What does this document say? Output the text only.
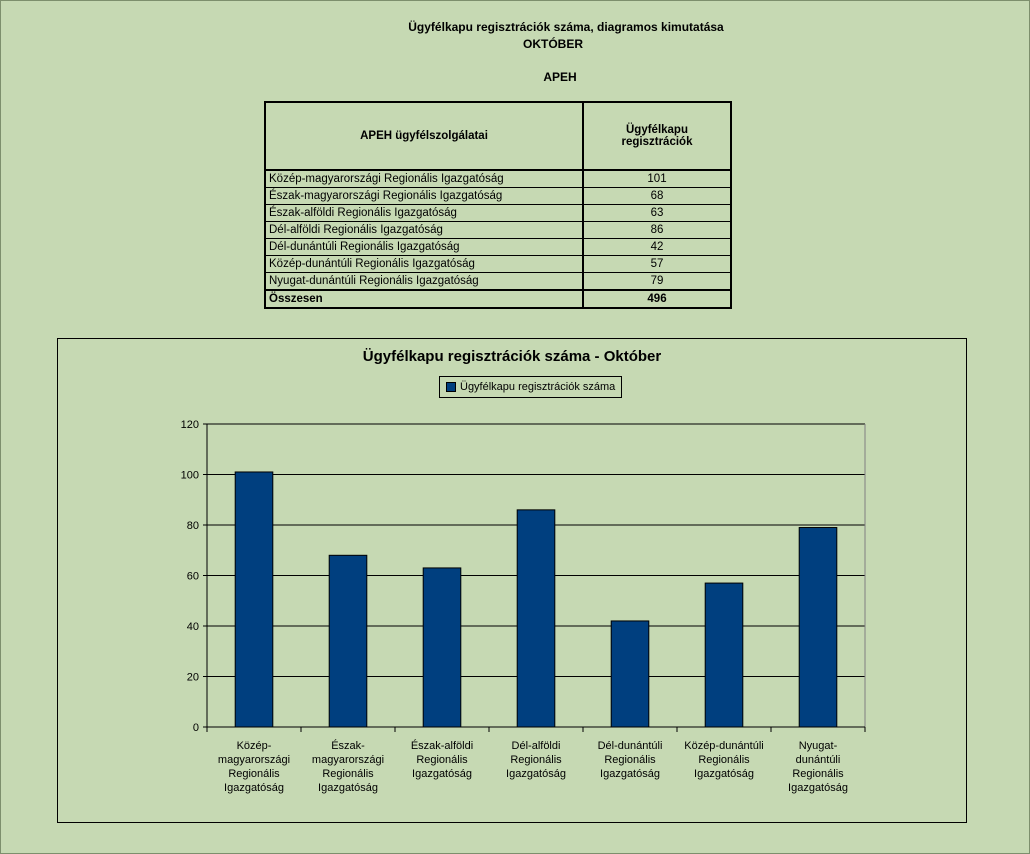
Ügyfélkapu regisztrációk száma, diagramos kimutatása
OKTÓBER
APEH
APEH ügyfélszolgálatai	Ügyfélkapu
regisztrációk
Közép-magyarországi Regionális Igazgatóság	101
Észak-magyarországi Regionális Igazgatóság	68
Észak-alföldi Regionális Igazgatóság	63
Dél-alföldi Regionális Igazgatóság	86
Dél-dunántúli Regionális Igazgatóság	42
Közép-dunántúli Regionális Igazgatóság	57
Nyugat-dunántúli Regionális Igazgatóság	79
Összesen	496
0
20
40
60
80
100
120
Közép-magyarországi Regionális Igazgatóság
Észak-magyarországi Regionális Igazgatóság
Észak-alföldi Regionális Igazgatóság
Dél-alföldi Regionális Igazgatóság
Dél-dunántúli Regionális Igazgatóság
Közép-dunántúli Regionális Igazgatóság
Nyugat-dunántúli Regionális Igazgatóság
Ügyfélkapu regisztrációk száma - Október
Ügyfélkapu regisztrációk száma
